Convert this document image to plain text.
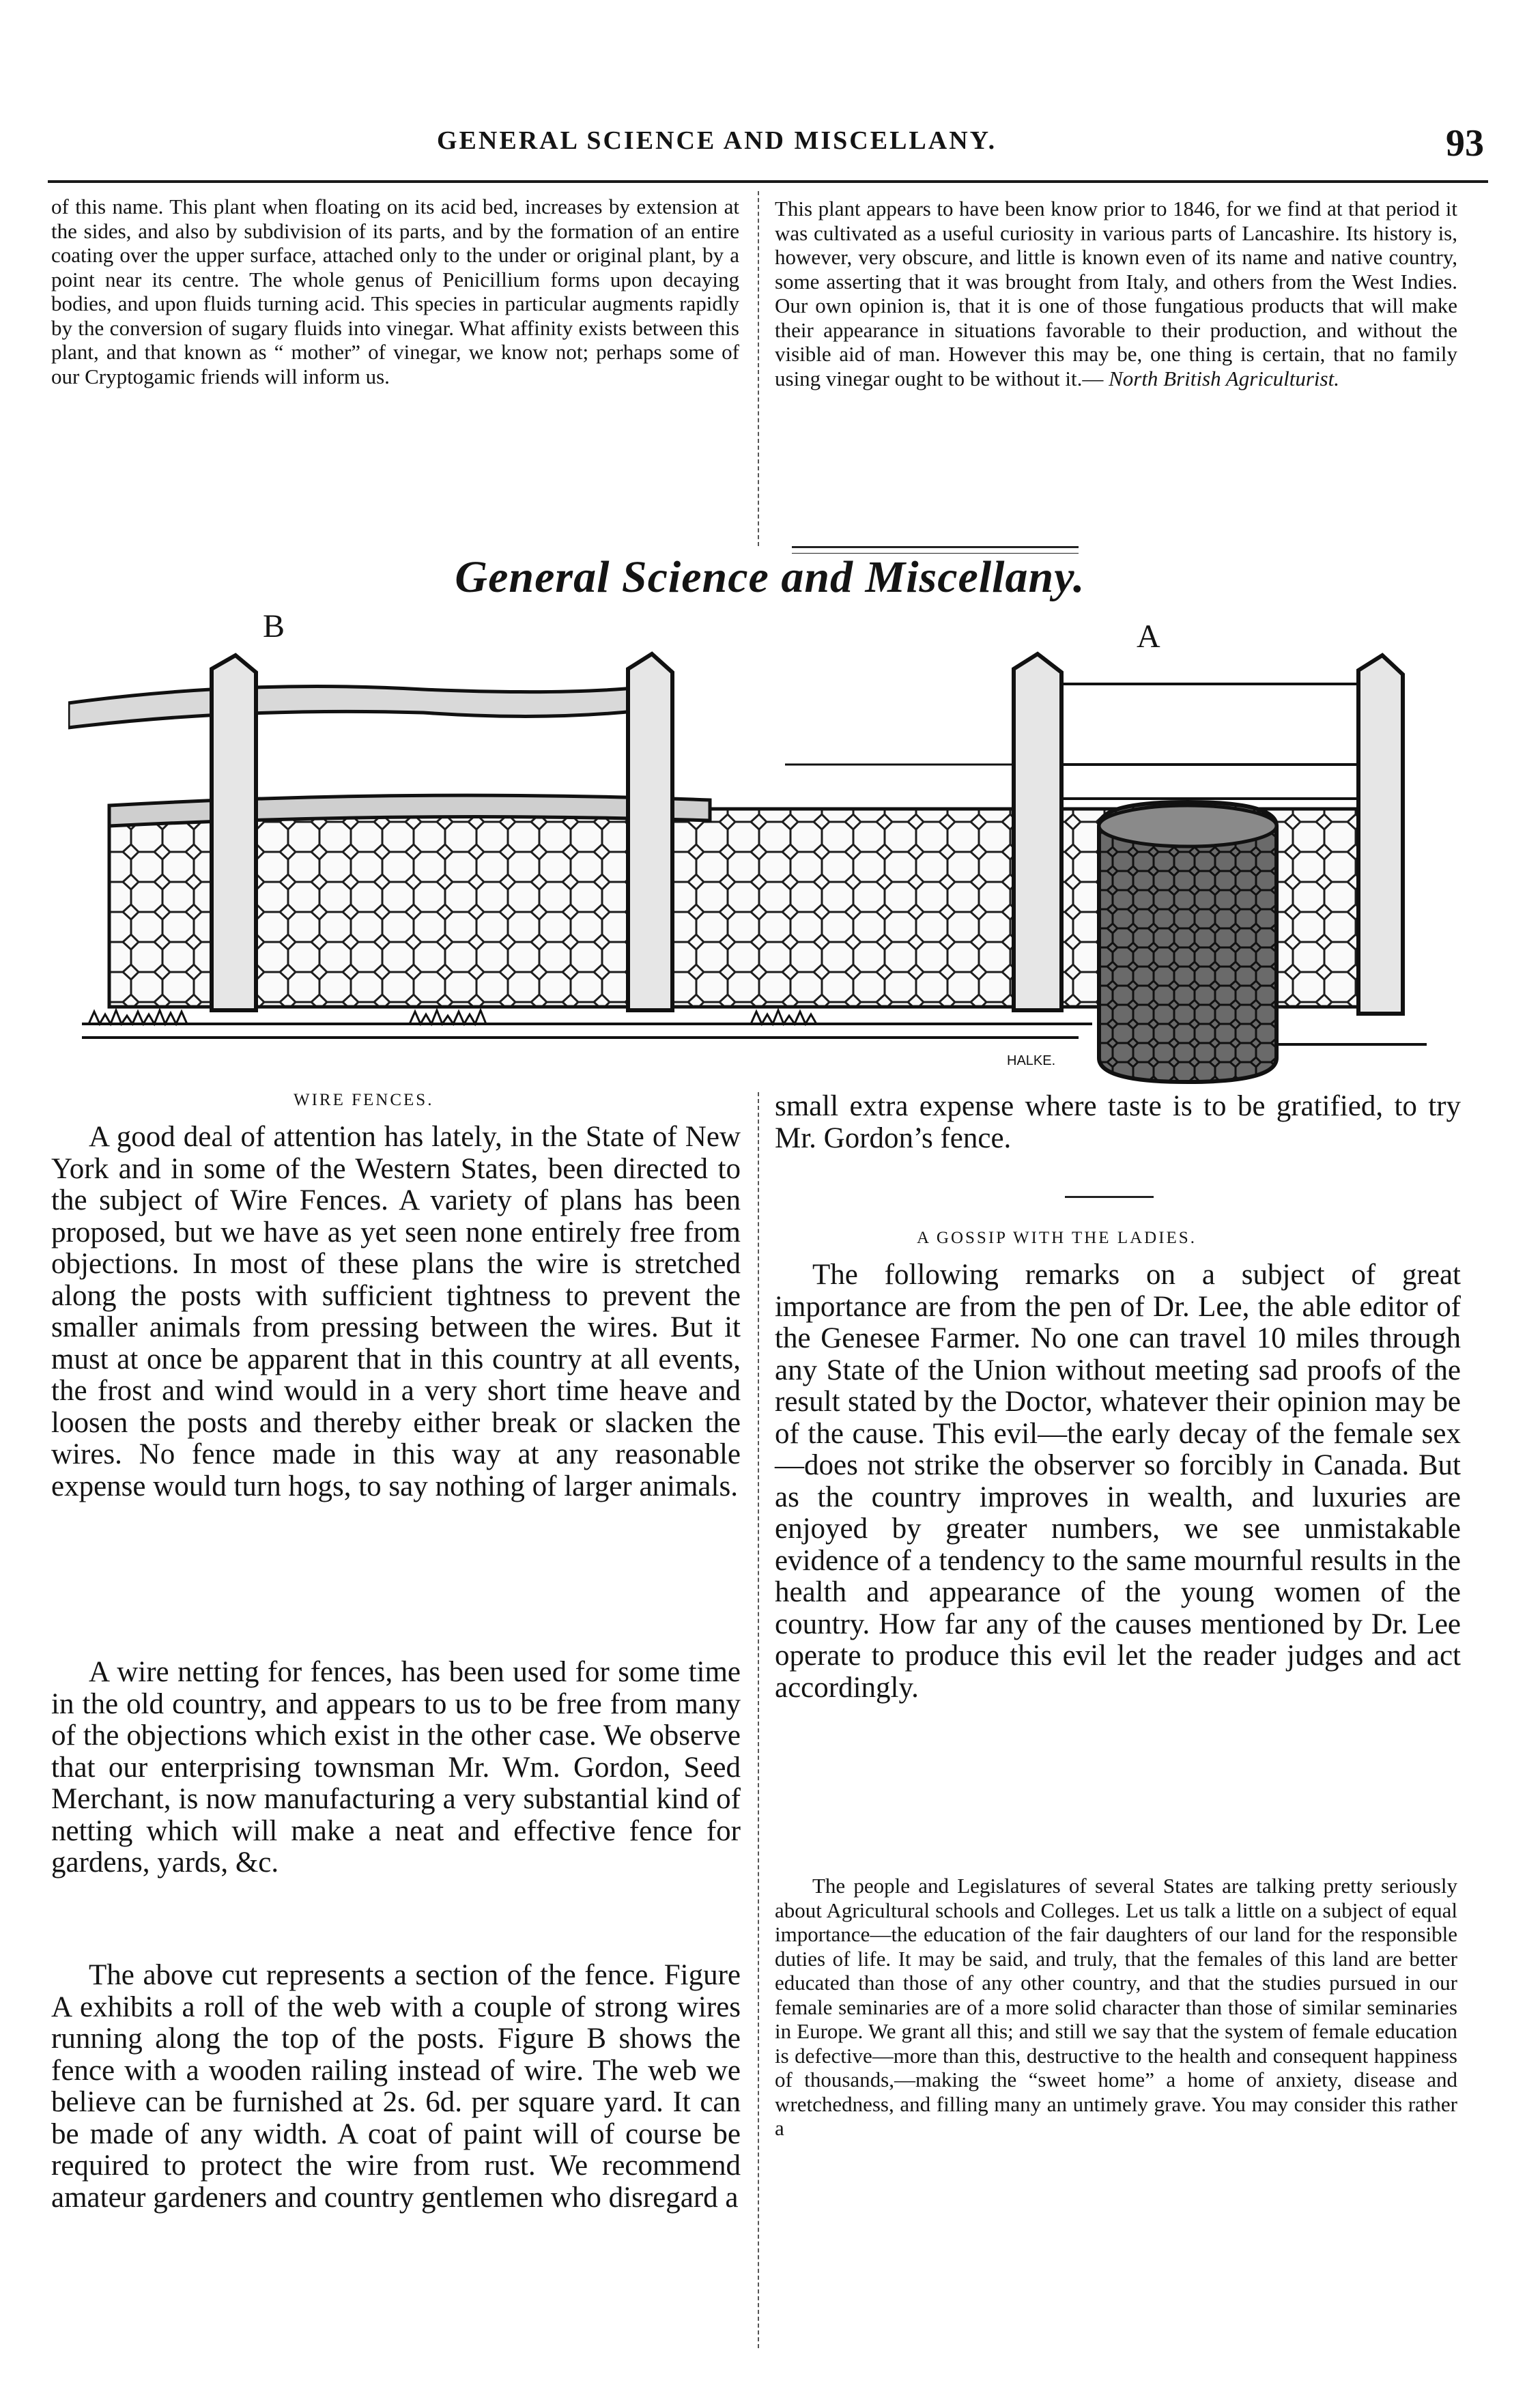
GENERAL SCIENCE AND MISCELLANY.	93

of this name. This plant when floating on its acid bed, increases by extension at the sides, and also by subdivision of its parts, and by the formation of an entire coating over the upper surface, attached only to the under or original plant, by a point near its centre. The whole genus of Penicillium forms upon decaying bodies, and upon fluids turning acid. This species in particular augments rapidly by the conversion of sugary fluids into vinegar. What affinity exists between this plant, and that known as “ mother” of vinegar, we know not; perhaps some of our Cryptogamic friends will inform us.

This plant appears to have been know prior to 1846, for we find at that period it was cultivated as a useful curiosity in various parts of Lancashire. Its history is, however, very obscure, and little is known even of its name and native country, some asserting that it was brought from Italy, and others from the West Indies. Our own opinion is, that it is one of those fungatious products that will make their appearance in situations favorable to their production, and without the visible aid of man. However this may be, one thing is certain, that no family using vinegar ought to be without it.— North British Agriculturist.
General Science and Miscellany.
B	A
HALKE.
WIRE FENCES.

A good deal of attention has lately, in the State of New York and in some of the Western States, been directed to the subject of Wire Fences. A variety of plans has been proposed, but we have as yet seen none entirely free from objections. In most of these plans the wire is stretched along the posts with sufficient tightness to prevent the smaller animals from pressing between the wires. But it must at once be apparent that in this country at all events, the frost and wind would in a very short time heave and loosen the posts and thereby either break or slacken the wires. No fence made in this way at any reasonable expense would turn hogs, to say nothing of larger animals.

A wire netting for fences, has been used for some time in the old country, and appears to us to be free from many of the objections which exist in the other case. We observe that our enterprising townsman Mr. Wm. Gordon, Seed Merchant, is now manufacturing a very substantial kind of netting which will make a neat and effective fence for gardens, yards, &c.

The above cut represents a section of the fence. Figure A exhibits a roll of the web with a couple of strong wires running along the top of the posts. Figure B shows the fence with a wooden railing instead of wire. The web we believe can be furnished at 2s. 6d. per square yard. It can be made of any width. A coat of paint will of course be required to protect the wire from rust. We recommend amateur gardeners and country gentlemen who disregard a

small extra expense where taste is to be gratified, to try Mr. Gordon’s fence.

A GOSSIP WITH THE LADIES.

The following remarks on a subject of great importance are from the pen of Dr. Lee, the able editor of the Genesee Farmer. No one can travel 10 miles through any State of the Union without meeting sad proofs of the result stated by the Doctor, whatever their opinion may be of the cause. This evil—the early decay of the female sex—does not strike the observer so forcibly in Canada. But as the country improves in wealth, and luxuries are enjoyed by greater numbers, we see unmistakable evidence of a tendency to the same mournful results in the health and appearance of the young women of the country. How far any of the causes mentioned by Dr. Lee operate to produce this evil let the reader judges and act accordingly.

The people and Legislatures of several States are talking pretty seriously about Agricultural schools and Colleges. Let us talk a little on a subject of equal importance—the education of the fair daughters of our land for the responsible duties of life. It may be said, and truly, that the females of this land are better educated than those of any other country, and that the studies pursued in our female seminaries are of a more solid character than those of similar seminaries in Europe. We grant all this; and still we say that the system of female education is defective—more than this, destructive to the health and consequent happiness of thousands,—making the “sweet home” a home of anxiety, disease and wretchedness, and filling many an untimely grave. You may consider this rather a
